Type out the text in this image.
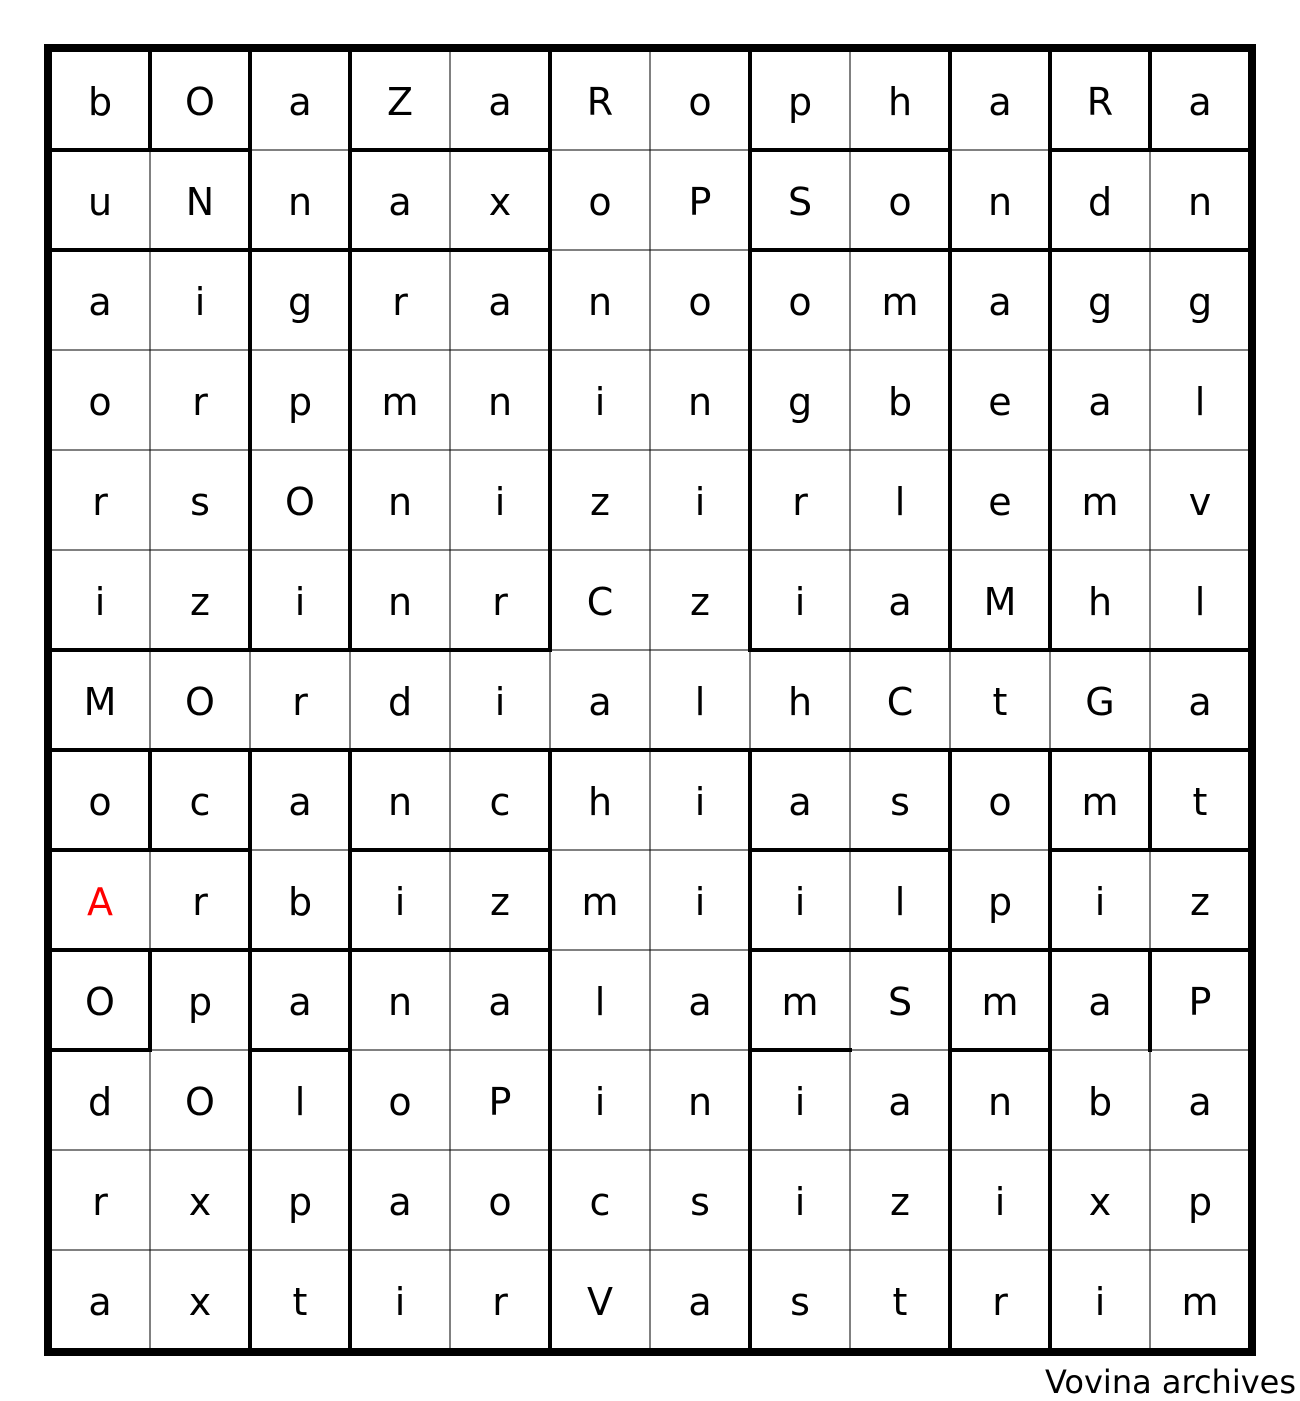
b O a Z a R o p h a R a
u N n a x o P S o n d n
a i g r a n o o m a g g
o r p m n i n g b e a l
r s O n i z i r l e m v
i z i n r C z i a M h l
M O r d i a l h C t G a
o c a n c h i a s o m t
A r b i z m i i l p i z
O p a n a l a m S m a P
d O l o P i n i a n b a
r x p a o c s i z i x p
a x t i r V a s t r i m
Vovina archives
